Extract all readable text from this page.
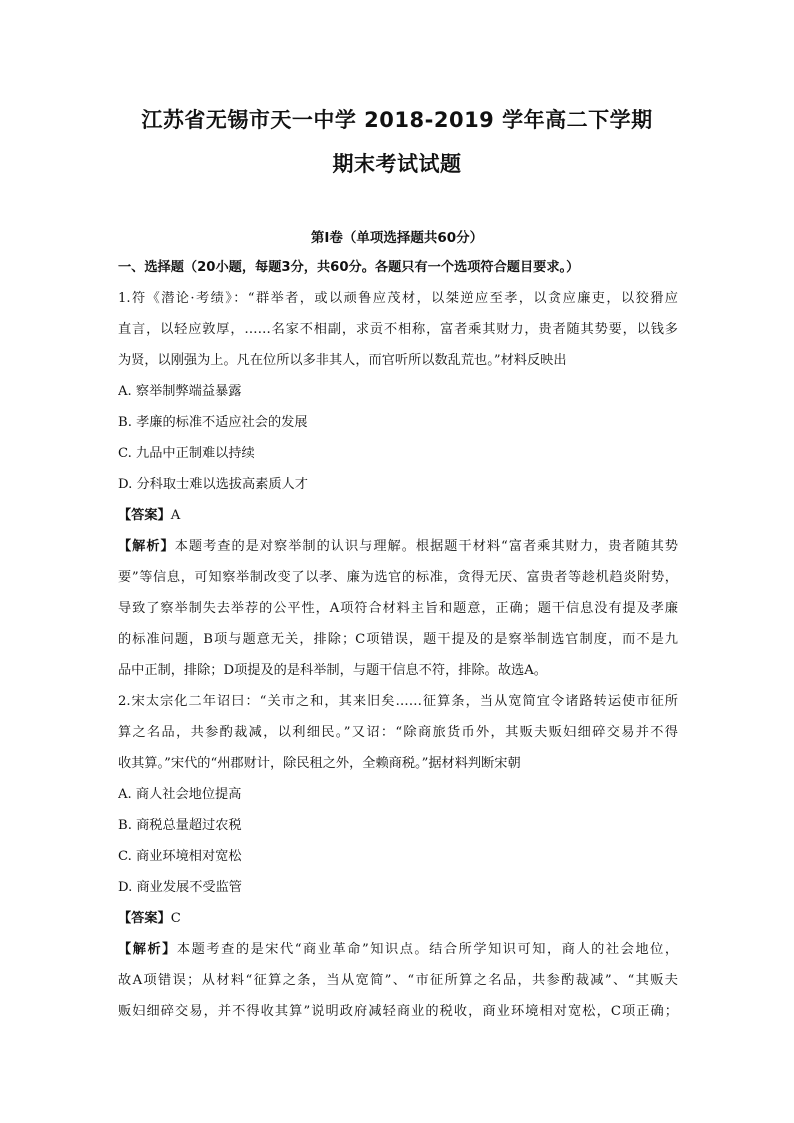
江苏省无锡市天一中学 2018-2019 学年高二下学期
期末考试试题
第Ⅰ卷（单项选择题共60分）
一、选择题（20小题，每题3分，共60分。各题只有一个选项符合题目要求。）
1.符《潜论·考绩》：“群举者，或以顽鲁应茂材，以桀逆应至孝，以贪应廉吏，以狡猾应
直言，以轻应敦厚，……名家不相副，求贡不相称，富者乘其财力，贵者随其势要，以钱多
为贤，以刚强为上。凡在位所以多非其人，而官听所以数乱荒也。”材料反映出
A. 察举制弊端益暴露
B. 孝廉的标准不适应社会的发展
C. 九品中正制难以持续
D. 分科取士难以选拔高素质人才
【答案】A
【解析】本题考查的是对察举制的认识与理解。根据题干材料“富者乘其财力，贵者随其势
要”等信息，可知察举制改变了以孝、廉为选官的标准，贪得无厌、富贵者等趁机趋炎附势，
导致了察举制失去举荐的公平性，A项符合材料主旨和题意，正确；题干信息没有提及孝廉
的标准问题，B项与题意无关，排除；C项错误，题干提及的是察举制选官制度，而不是九
品中正制，排除；D项提及的是科举制，与题干信息不符，排除。故选A。
2.宋太宗化二年诏曰：“关市之和，其来旧矣……征算条，当从宽简宜令诸路转运使市征所
算之名品，共参酌裁减，以利细民。”又诏：“除商旅货币外，其贩夫贩妇细碎交易并不得
收其算。”宋代的“州郡财计，除民租之外，全赖商税。”据材料判断宋朝
A. 商人社会地位提高
B. 商税总量超过农税
C. 商业环境相对宽松
D. 商业发展不受监管
【答案】C
【解析】本题考查的是宋代“商业革命”知识点。结合所学知识可知，商人的社会地位，
故A项错误；从材料“征算之条，当从宽简”、“市征所算之名品，共参酌裁减”、“其贩夫
贩妇细碎交易，并不得收其算”说明政府减轻商业的税收，商业环境相对宽松，C项正确；
